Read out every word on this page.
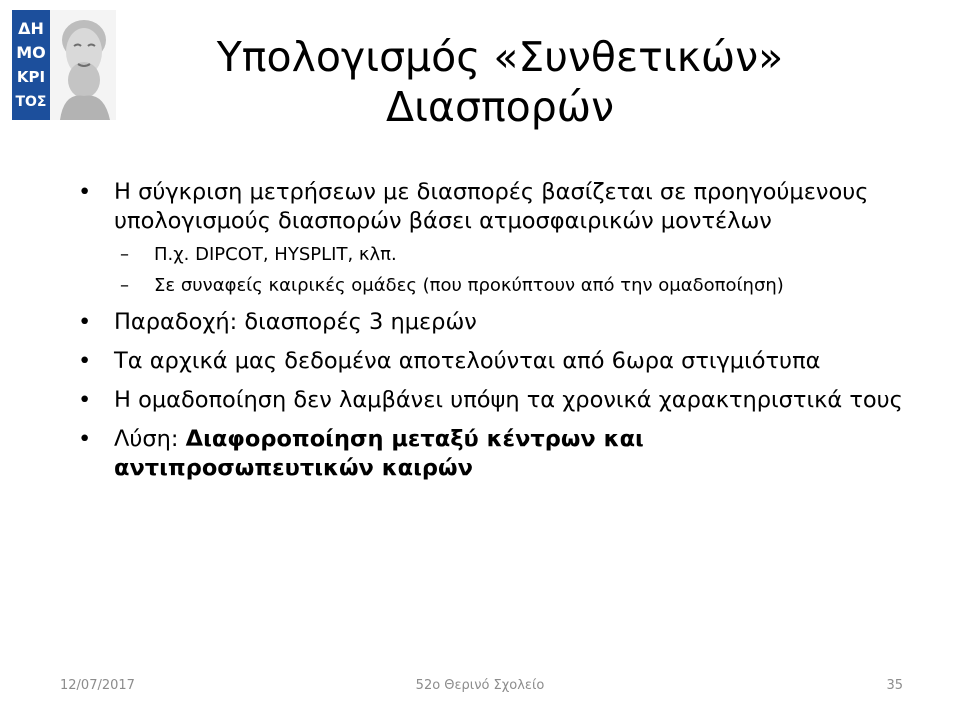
ΔΗ
ΜΟ
ΚΡΙ
ΤΟΣ
Υπολογισμός «Συνθετικών»
Διασπορών
• Η σύγκριση μετρήσεων με διασπορές βασίζεται σε προηγούμενους υπολογισμούς διασπορών βάσει ατμοσφαιρικών μοντέλων
– Π.χ. DIPCOT, HYSPLIT, κλπ.
– Σε συναφείς καιρικές ομάδες (που προκύπτουν από την ομαδοποίηση)
• Παραδοχή: διασπορές 3 ημερών
• Τα αρχικά μας δεδομένα αποτελούνται από 6ωρα στιγμιότυπα
• Η ομαδοποίηση δεν λαμβάνει υπόψη τα χρονικά χαρακτηριστικά τους
• Λύση: Διαφοροποίηση μεταξύ κέντρων και αντιπροσωπευτικών καιρών
12/07/2017	52ο Θερινό Σχολείο	35
